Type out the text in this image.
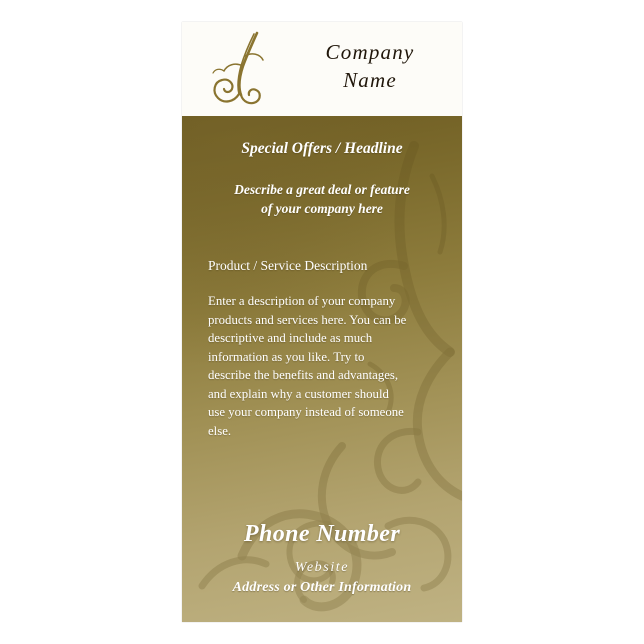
Company
Name
Special Offers / Headline
Describe a great deal or feature
of your company here
Product / Service Description
Enter a description of your company products and services here. You can be descriptive and include as much information as you like. Try to describe the benefits and advantages, and explain why a customer should use your company instead of someone else.
Phone Number
Website
Address or Other Information
